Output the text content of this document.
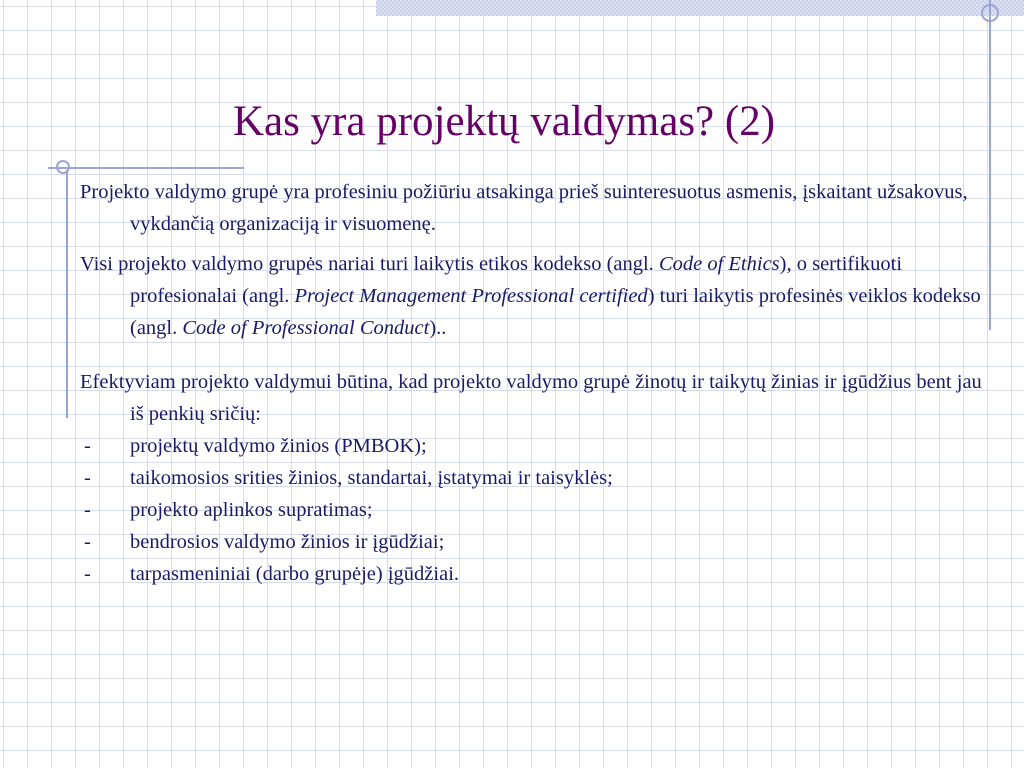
Kas yra projektų valdymas? (2)

Projekto valdymo grupė yra profesiniu požiūriu atsakinga prieš suinteresuotus asmenis, įskaitant užsakovus, vykdančią organizaciją ir visuomenę.

Visi projekto valdymo grupės nariai turi laikytis etikos kodekso (angl. Code of Ethics), o sertifikuoti profesionalai (angl. Project Management Professional certified) turi laikytis profesinės veiklos kodekso (angl. Code of Professional Conduct)..

Efektyviam projekto valdymui būtina, kad projekto valdymo grupė žinotų ir taikytų žinias ir įgūdžius bent jau iš penkių sričių:

- projektų valdymo žinios (PMBOK);
- taikomosios srities žinios, standartai, įstatymai ir taisyklės;
- projekto aplinkos supratimas;
- bendrosios valdymo žinios ir įgūdžiai;
- tarpasmeniniai (darbo grupėje) įgūdžiai.
